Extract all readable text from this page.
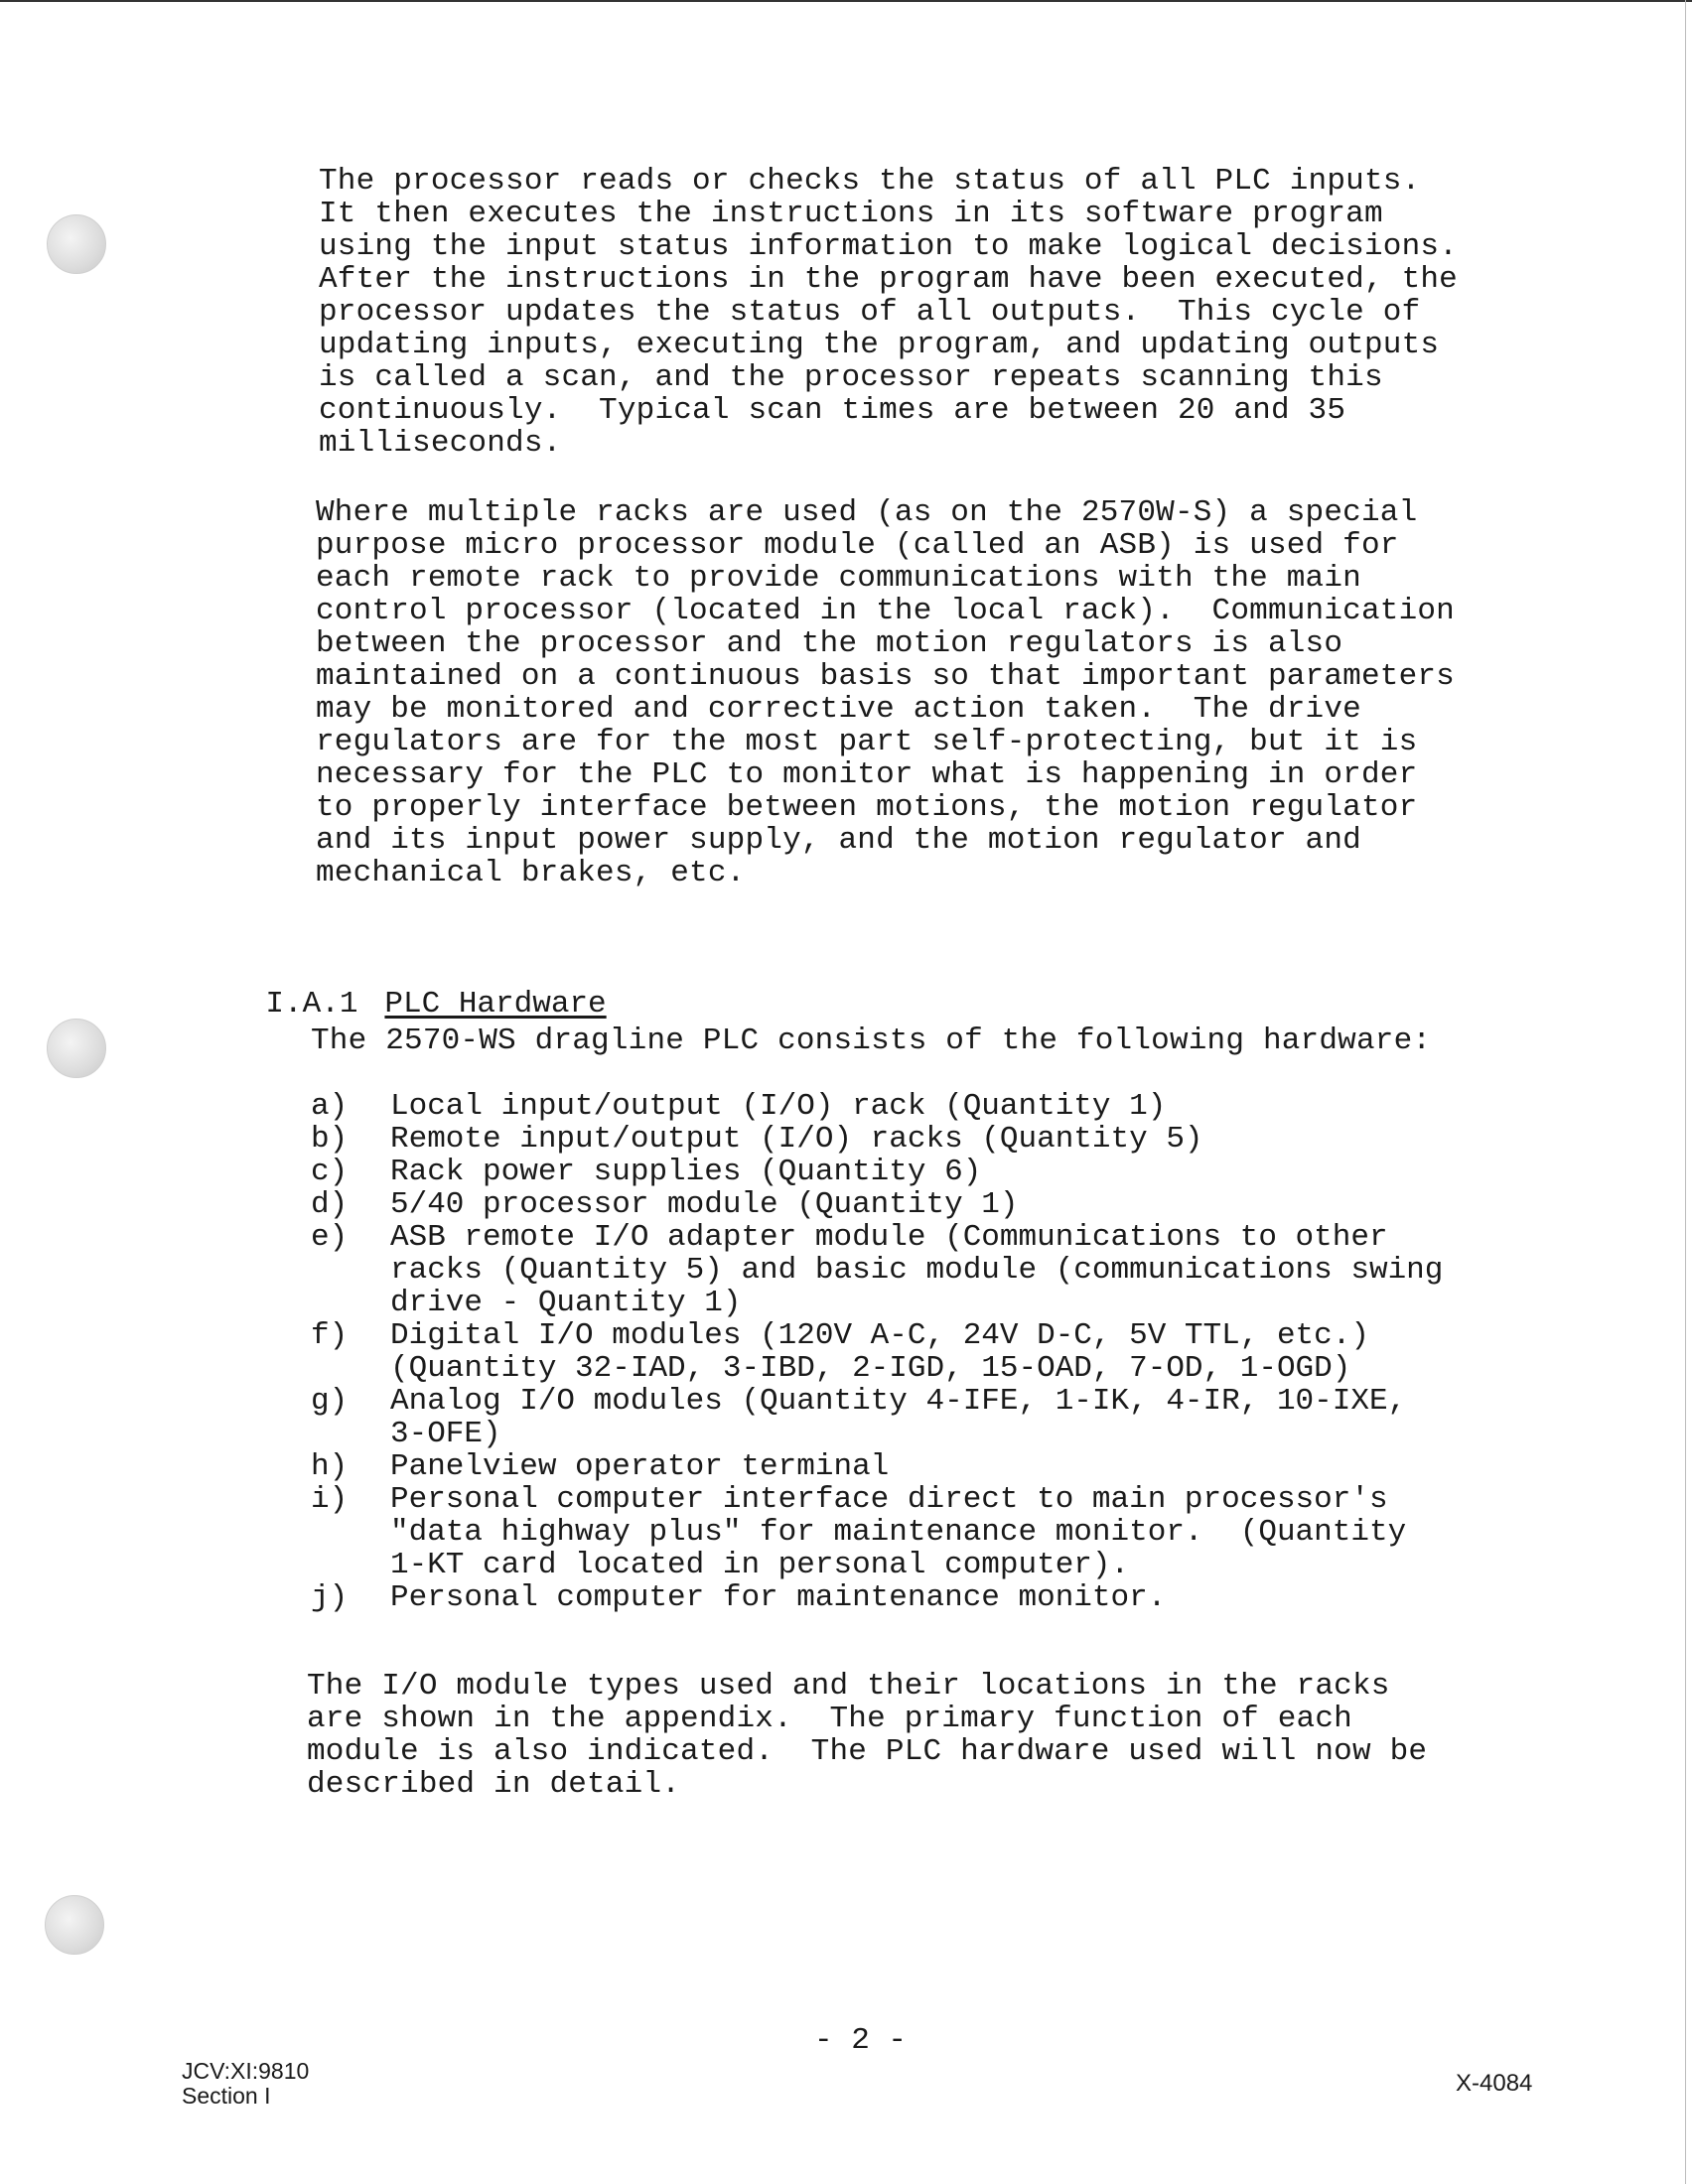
The processor reads or checks the status of all PLC inputs.
It then executes the instructions in its software program
using the input status information to make logical decisions.
After the instructions in the program have been executed, the
processor updates the status of all outputs.  This cycle of
updating inputs, executing the program, and updating outputs
is called a scan, and the processor repeats scanning this
continuously.  Typical scan times are between 20 and 35
milliseconds.

Where multiple racks are used (as on the 2570W-S) a special
purpose micro processor module (called an ASB) is used for
each remote rack to provide communications with the main
control processor (located in the local rack).  Communication
between the processor and the motion regulators is also
maintained on a continuous basis so that important parameters
may be monitored and corrective action taken.  The drive
regulators are for the most part self-protecting, but it is
necessary for the PLC to monitor what is happening in order
to properly interface between motions, the motion regulator
and its input power supply, and the motion regulator and
mechanical brakes, etc.

I.A.1 PLC Hardware

The 2570-WS dragline PLC consists of the following hardware:

a)	Local input/output (I/O) rack (Quantity 1)
b)	Remote input/output (I/O) racks (Quantity 5)
c)	Rack power supplies (Quantity 6)
d)	5/40 processor module (Quantity 1)
e)	ASB remote I/O adapter module (Communications to other
racks (Quantity 5) and basic module (communications swing
drive - Quantity 1)
f)	Digital I/O modules (120V A-C, 24V D-C, 5V TTL, etc.)
(Quantity 32-IAD, 3-IBD, 2-IGD, 15-OAD, 7-OD, 1-OGD)
g)	Analog I/O modules (Quantity 4-IFE, 1-IK, 4-IR, 10-IXE,
3-OFE)
h)	Panelview operator terminal
i)	Personal computer interface direct to main processor's
"data highway plus" for maintenance monitor.  (Quantity
1-KT card located in personal computer).
j)	Personal computer for maintenance monitor.

The I/O module types used and their locations in the racks
are shown in the appendix.  The primary function of each
module is also indicated.  The PLC hardware used will now be
described in detail.

- 2 -
JCV:XI:9810
Section I	X-4084
